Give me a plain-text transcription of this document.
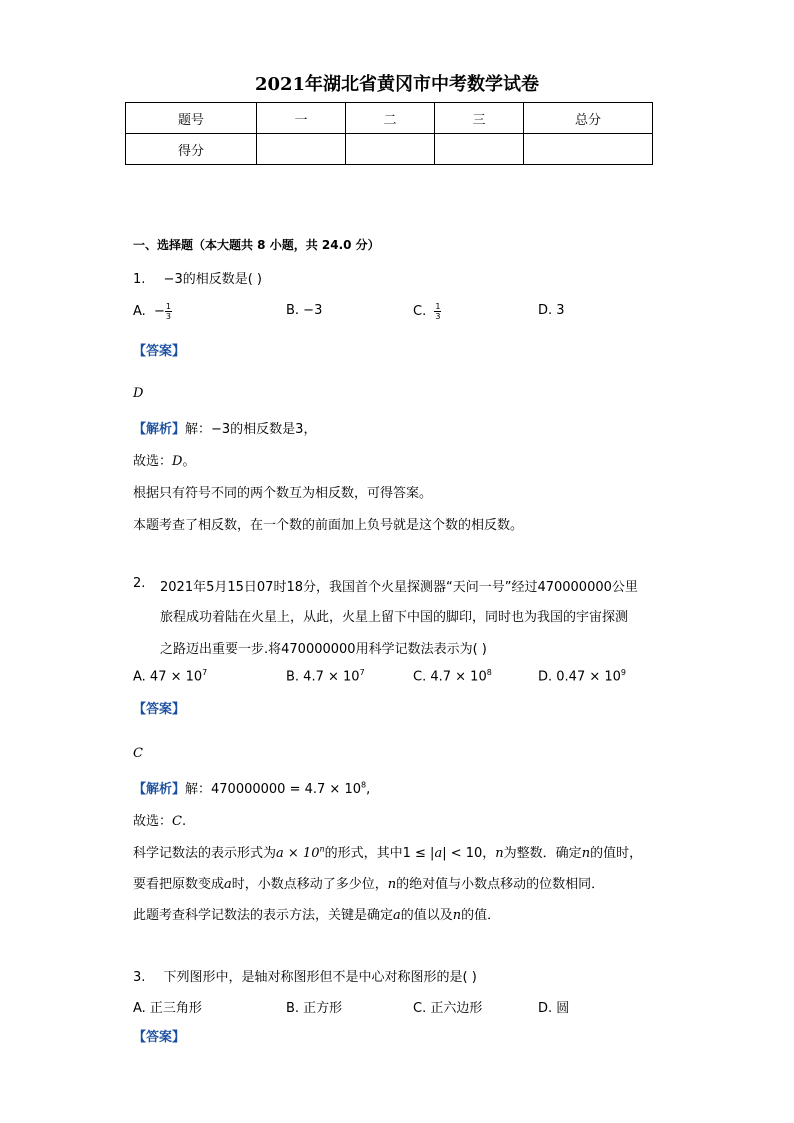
2021年湖北省黄冈市中考数学试卷
题号	一	二	三	总分
得分				
一、选择题（本大题共 8 小题，共 24.0 分）
1. −3的相反数是( )
A. − $\frac{1}{3}$	B. −3	C. $\frac{1}{3}$	D. 3
【答案】
D
【解析】解：−3的相反数是3，
故选：D。
根据只有符号不同的两个数互为相反数，可得答案。
本题考查了相反数，在一个数的前面加上负号就是这个数的相反数。
2. 2021年5月15日07时18分，我国首个火星探测器“天问一号”经过470000000公里
旅程成功着陆在火星上，从此，火星上留下中国的脚印，同时也为我国的宇宙探测
之路迈出重要一步.将470000000用科学记数法表示为( )
A. $47 \times 10^7$	B. $4.7 \times 10^7$	C. $4.7 \times 10^8$	D. $0.47 \times 10^9$
【答案】
C
【解析】解：$470000000 = 4.7 \times 10^8$,
故选：C.
科学记数法的表示形式为$a \times 10^n$的形式，其中1 ≤ |a| < 10，n为整数．确定n的值时，
要看把原数变成a时，小数点移动了多少位，n的绝对值与小数点移动的位数相同．
此题考查科学记数法的表示方法，关键是确定a的值以及n的值．
3. 下列图形中，是轴对称图形但不是中心对称图形的是( )
A. 正三角形	B. 正方形	C. 正六边形	D. 圆
【答案】
